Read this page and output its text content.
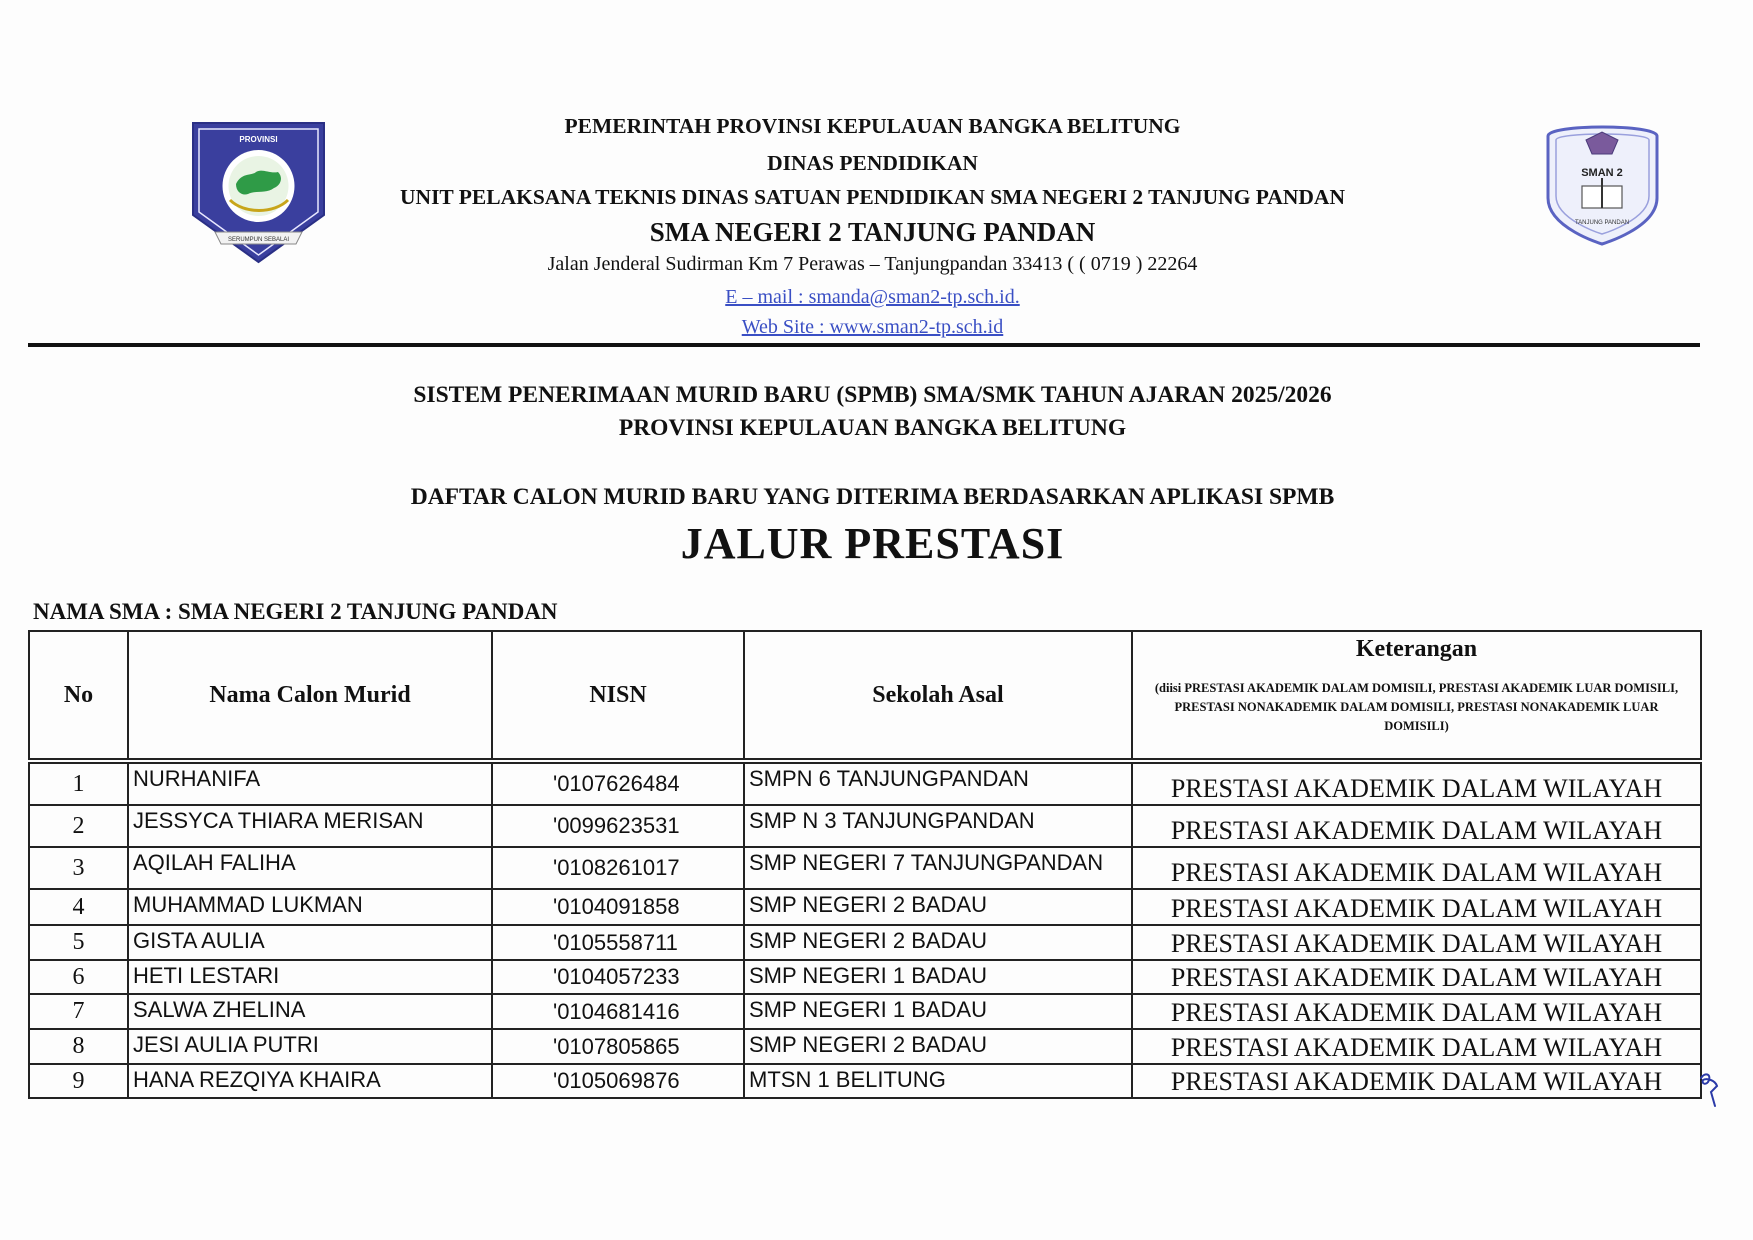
PROVINSI
SERUMPUN SEBALAI
SMAN 2
TANJUNG PANDAN
PEMERINTAH PROVINSI KEPULAUAN BANGKA BELITUNG
DINAS PENDIDIKAN
UNIT PELAKSANA TEKNIS DINAS SATUAN PENDIDIKAN SMA NEGERI 2 TANJUNG PANDAN
SMA NEGERI 2 TANJUNG PANDAN
Jalan Jenderal Sudirman Km 7 Perawas – Tanjungpandan 33413 ( ( 0719 ) 22264
E – mail : smanda@sman2-tp.sch.id.
Web Site : www.sman2-tp.sch.id
SISTEM PENERIMAAN MURID BARU (SPMB) SMA/SMK TAHUN AJARAN 2025/2026
PROVINSI KEPULAUAN BANGKA BELITUNG
DAFTAR CALON MURID BARU YANG DITERIMA BERDASARKAN APLIKASI SPMB
JALUR PRESTASI
NAMA SMA : SMA NEGERI 2 TANJUNG PANDAN
No	Nama Calon Murid	NISN	Sekolah Asal	Keterangan
(diisi PRESTASI AKADEMIK DALAM DOMISILI, PRESTASI AKADEMIK LUAR DOMISILI, PRESTASI NONAKADEMIK DALAM DOMISILI, PRESTASI NONAKADEMIK LUAR DOMISILI)

1	NURHANIFA	'0107626484	SMPN 6 TANJUNGPANDAN	PRESTASI AKADEMIK DALAM WILAYAH
2	JESSYCA THIARA MERISAN	'0099623531	SMP N 3 TANJUNGPANDAN	PRESTASI AKADEMIK DALAM WILAYAH
3	AQILAH FALIHA	'0108261017	SMP NEGERI 7 TANJUNGPANDAN	PRESTASI AKADEMIK DALAM WILAYAH
4	MUHAMMAD LUKMAN	'0104091858	SMP NEGERI 2 BADAU	PRESTASI AKADEMIK DALAM WILAYAH
5	GISTA AULIA	'0105558711	SMP NEGERI 2 BADAU	PRESTASI AKADEMIK DALAM WILAYAH
6	HETI LESTARI	'0104057233	SMP NEGERI 1 BADAU	PRESTASI AKADEMIK DALAM WILAYAH
7	SALWA ZHELINA	'0104681416	SMP NEGERI 1 BADAU	PRESTASI AKADEMIK DALAM WILAYAH
8	JESI AULIA PUTRI	'0107805865	SMP NEGERI 2 BADAU	PRESTASI AKADEMIK DALAM WILAYAH
9	HANA REZQIYA KHAIRA	'0105069876	MTSN 1 BELITUNG	PRESTASI AKADEMIK DALAM WILAYAH
